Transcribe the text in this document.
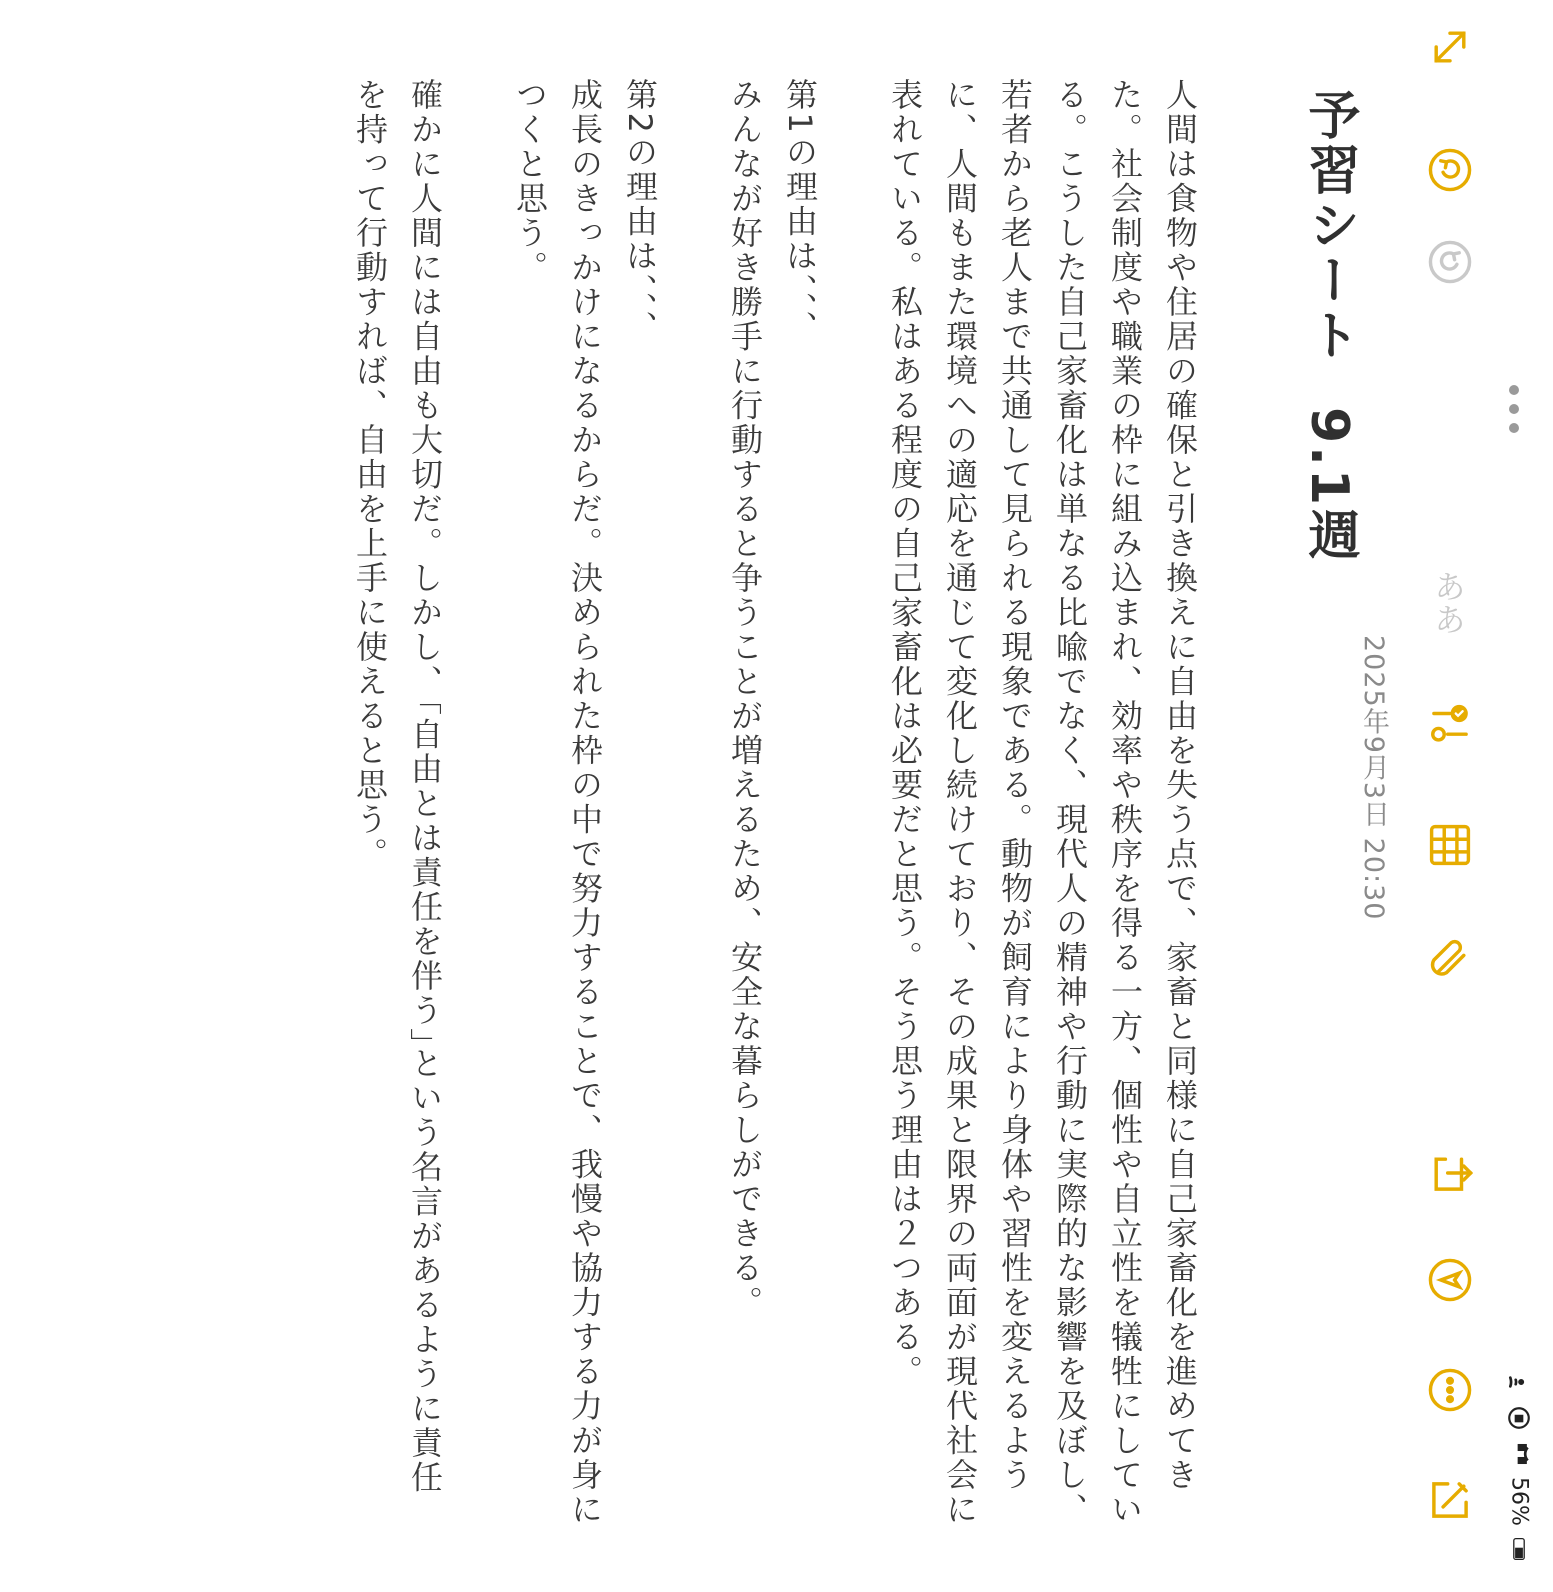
予習シート
9.1週

人間は食物や住居の確保と引き換えに自由を失う点で、家畜と同様に自己家畜化を進めてきた。社会制度や職業の枠に組み込まれ、効率や秩序を得る一方、個性や自立性を犠牲にしている。こうした自己家畜化は単なる比喩でなく、現代人の精神や行動に実際的な影響を及ぼし、若者から老人まで共通して見られる現象である。動物が飼育により身体や習性を変えるように、人間もまた環境への適応を通じて変化し続けており、その成果と限界の両面が現代社会に表れている。私はある程度の自己家畜化は必要だと思う。そう思う理由は２つある。

第1の理由は、、、

みんなが好き勝手に行動すると争うことが増えるため、安全な暮らしができる。

第2の理由は、、、

成長のきっかけになるからだ。決められた枠の中で努力することで、我慢や協力する力が身につくと思う。

確かに人間には自由も大切だ。しかし、｢自由とは責任を伴う｣という名言があるように責任を持って行動すれば、自由を上手に使えると思う。	2025年9月3日 20:30

ああ
56%
